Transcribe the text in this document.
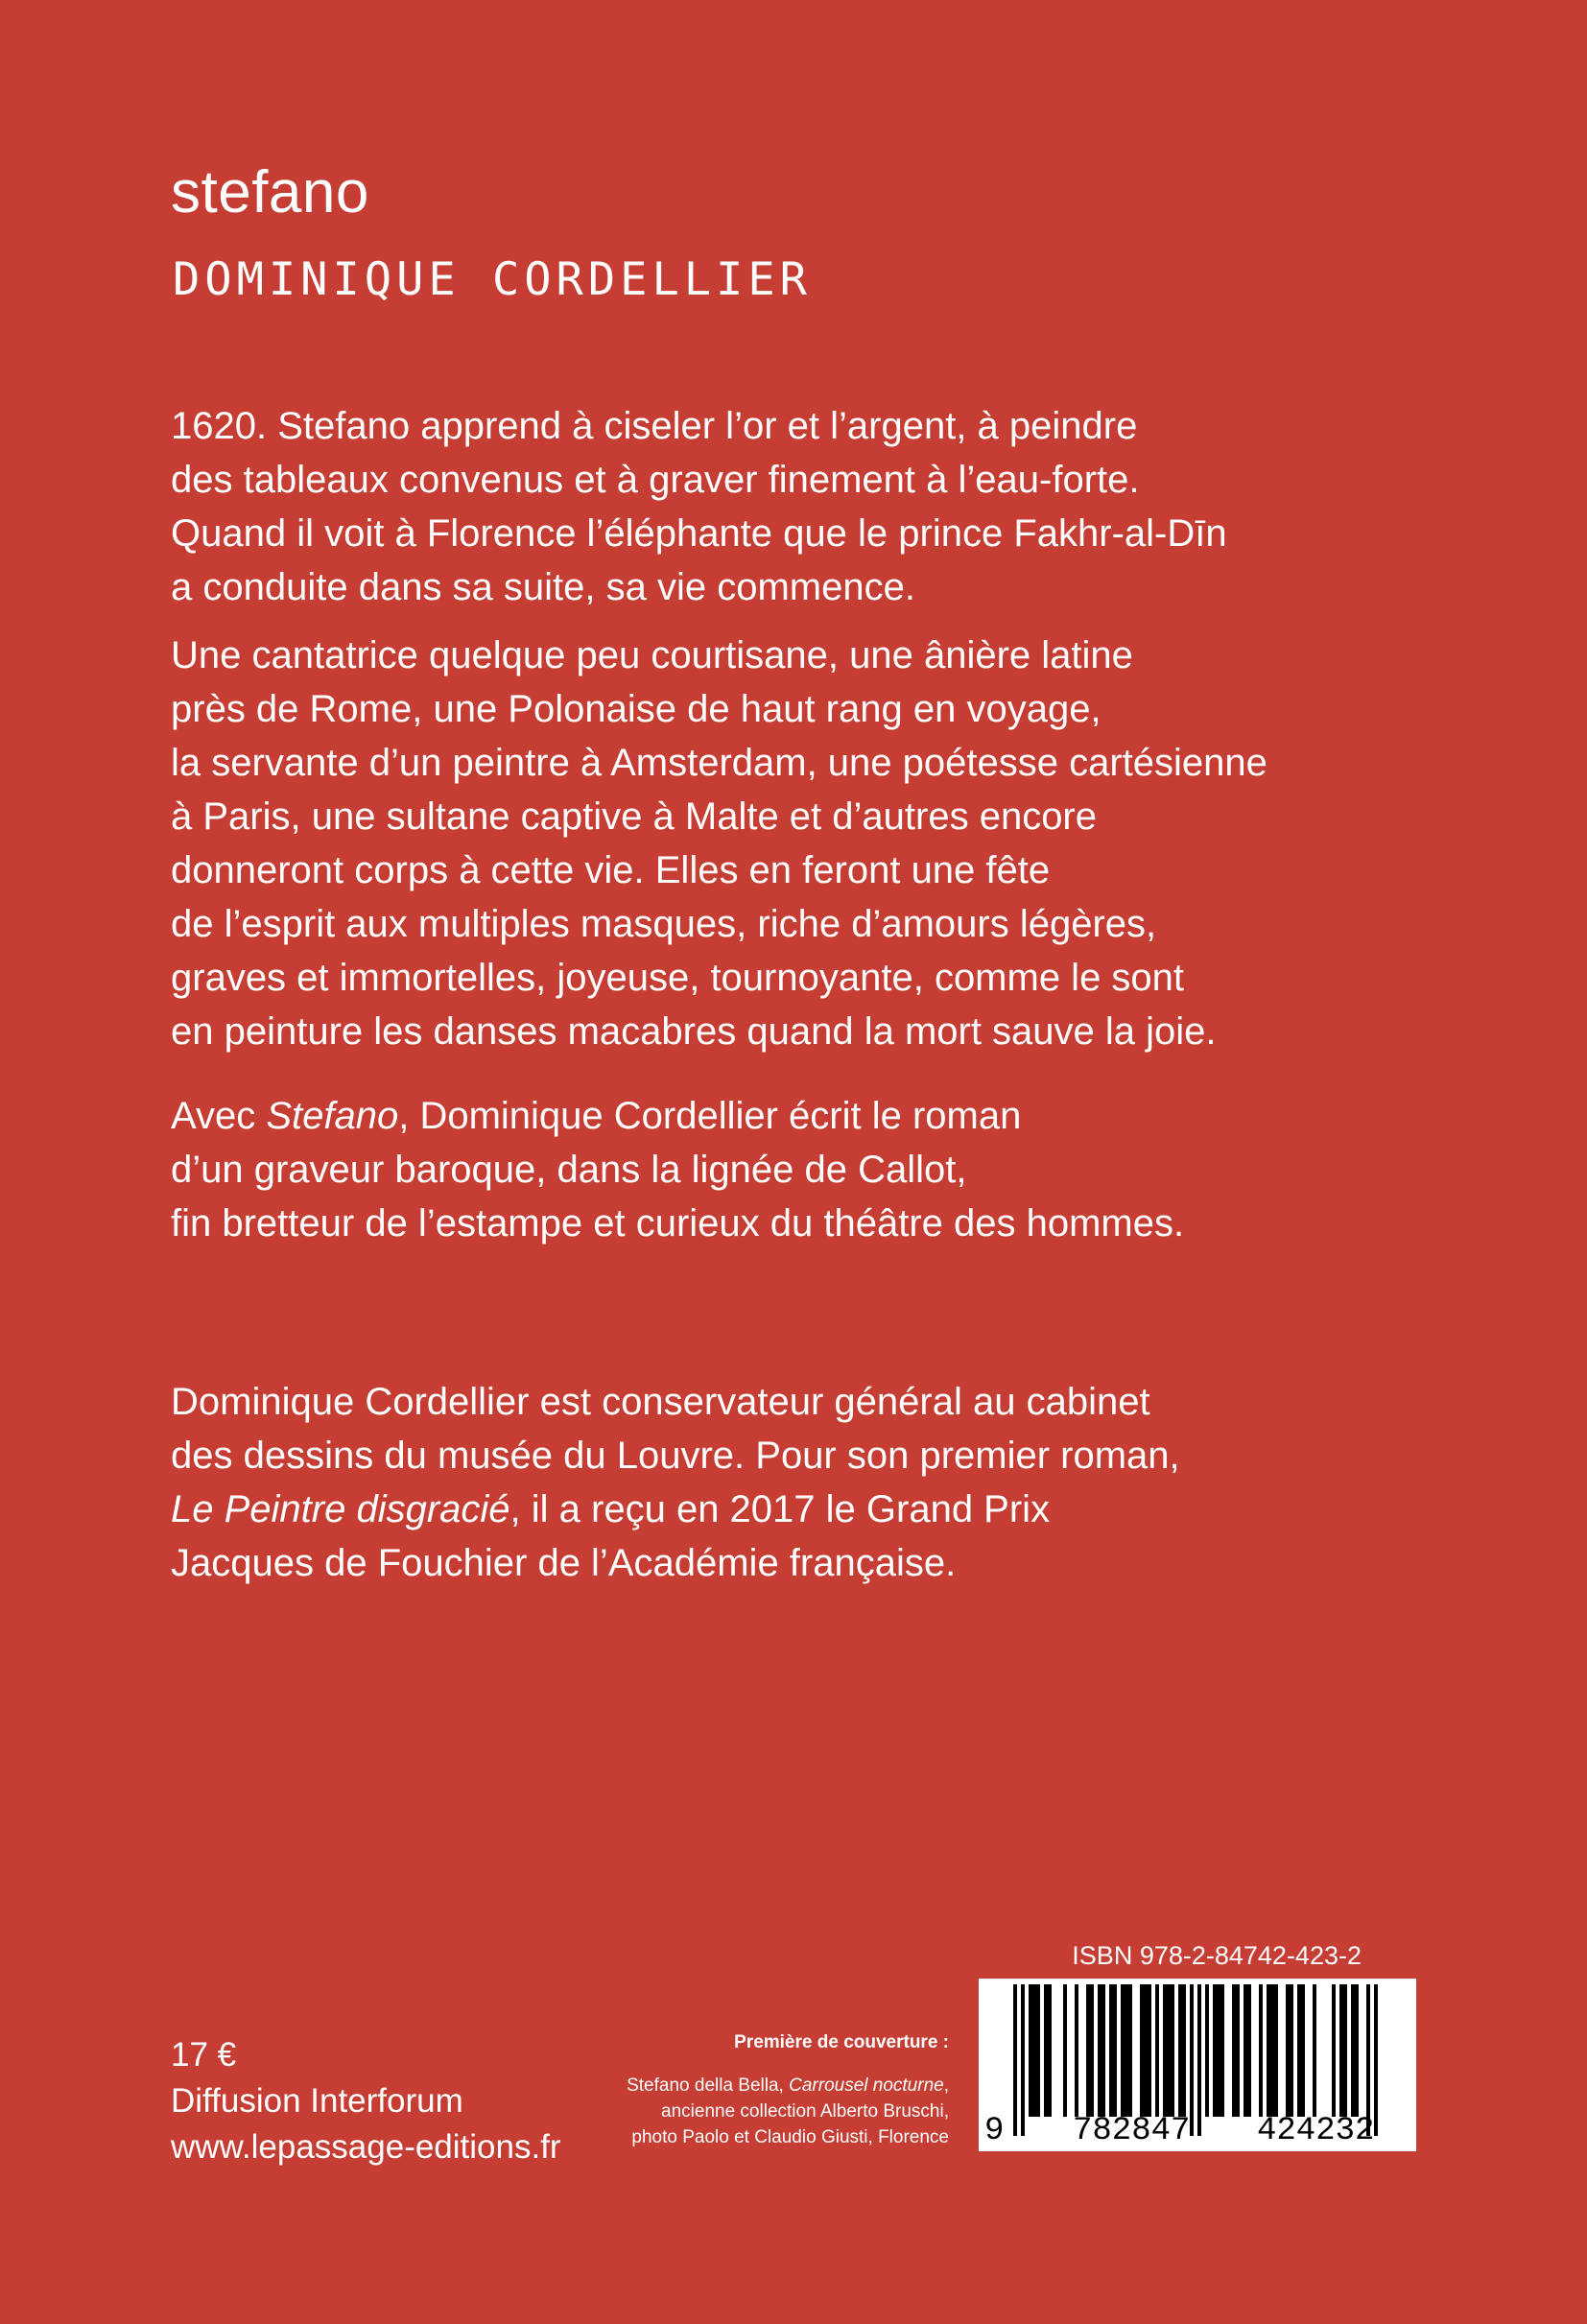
stefano
DOMINIQUE CORDELLIER

1620. Stefano apprend à ciseler l’or et l’argent, à peindre
des tableaux convenus et à graver finement à l’eau-forte.
Quand il voit à Florence l’éléphante que le prince Fakhr-al-Dīn
a conduite dans sa suite, sa vie commence.

Une cantatrice quelque peu courtisane, une ânière latine
près de Rome, une Polonaise de haut rang en voyage,
la servante d’un peintre à Amsterdam, une poétesse cartésienne
à Paris, une sultane captive à Malte et d’autres encore
donneront corps à cette vie. Elles en feront une fête
de l’esprit aux multiples masques, riche d’amours légères,
graves et immortelles, joyeuse, tournoyante, comme le sont
en peinture les danses macabres quand la mort sauve la joie.

Avec Stefano, Dominique Cordellier écrit le roman
d’un graveur baroque, dans la lignée de Callot,
fin bretteur de l’estampe et curieux du théâtre des hommes.

Dominique Cordellier est conservateur général au cabinet
des dessins du musée du Louvre. Pour son premier roman,
Le Peintre disgracié, il a reçu en 2017 le Grand Prix
Jacques de Fouchier de l’Académie française.

17 €
Diffusion Interforum
www.lepassage-editions.fr
Première de couverture :
Stefano della Bella, Carrousel nocturne,
ancienne collection Alberto Bruschi,
photo Paolo et Claudio Giusti, Florence
ISBN 978-2-84742-423-2
9 782847 424232
